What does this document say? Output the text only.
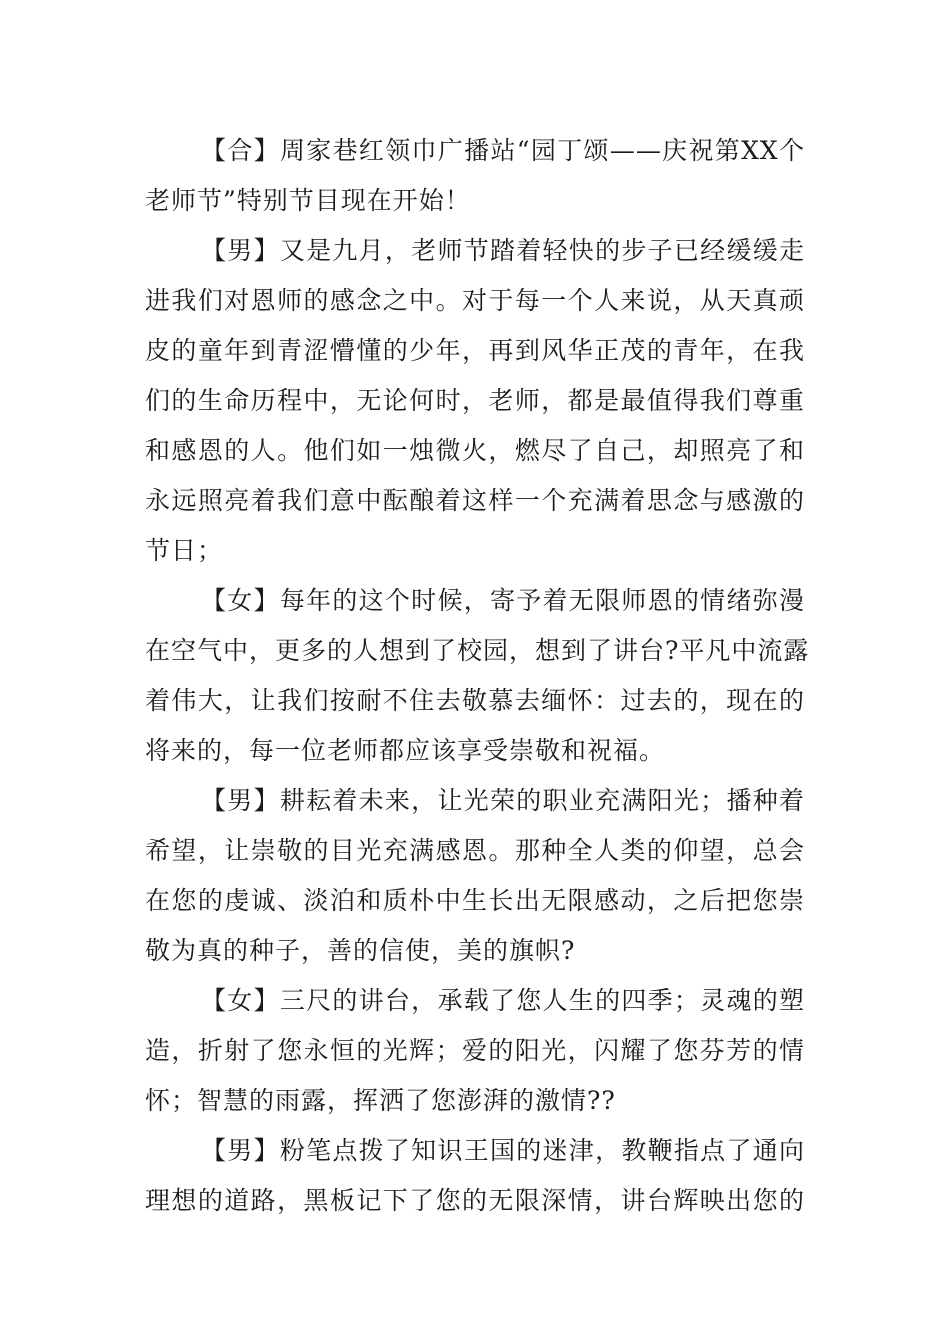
【合】周家巷红领巾广播站“园丁颂——庆祝第XX个
老师节”特别节目现在开始！
【男】又是九月，老师节踏着轻快的步子已经缓缓走
进我们对恩师的感念之中。对于每一个人来说，从天真顽
皮的童年到青涩懵懂的少年，再到风华正茂的青年，在我
们的生命历程中，无论何时，老师，都是最值得我们尊重
和感恩的人。他们如一烛微火，燃尽了自己，却照亮了和
永远照亮着我们意中酝酿着这样一个充满着思念与感激的
节日；
【女】每年的这个时候，寄予着无限师恩的情绪弥漫
在空气中，更多的人想到了校园，想到了讲台?平凡中流露
着伟大，让我们按耐不住去敬慕去缅怀：过去的，现在的
将来的，每一位老师都应该享受崇敬和祝福。
【男】耕耘着未来，让光荣的职业充满阳光；播种着
希望，让崇敬的目光充满感恩。那种全人类的仰望，总会
在您的虔诚、淡泊和质朴中生长出无限感动，之后把您崇
敬为真的种子，善的信使，美的旗帜?
【女】三尺的讲台，承载了您人生的四季；灵魂的塑
造，折射了您永恒的光辉；爱的阳光，闪耀了您芬芳的情
怀；智慧的雨露，挥洒了您澎湃的激情??
【男】粉笔点拨了知识王国的迷津，教鞭指点了通向
理想的道路，黑板记下了您的无限深情，讲台辉映出您的
